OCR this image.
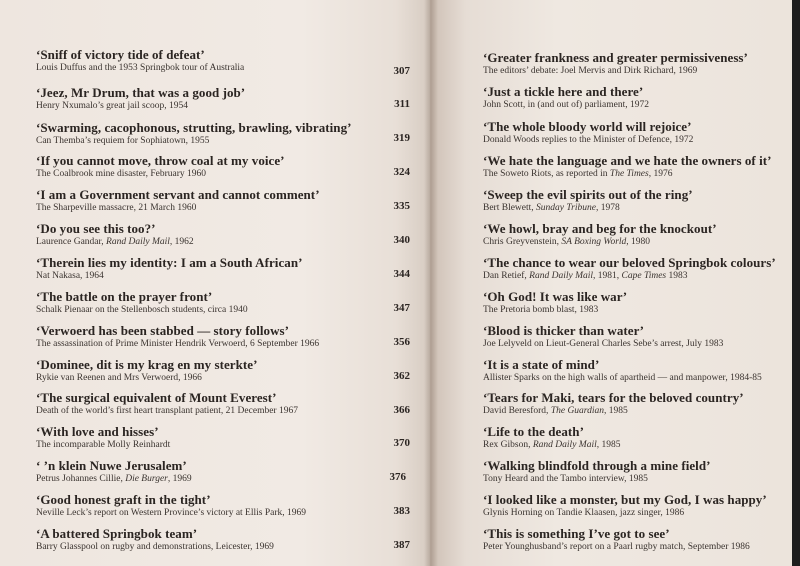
‘Sniff of victory tide of defeat’
Louis Duffus and the 1953 Springbok tour of Australia	307
‘Jeez, Mr Drum, that was a good job’
Henry Nxumalo’s great jail scoop, 1954	311
‘Swarming, cacophonous, strutting, brawling, vibrating’
Can Themba’s requiem for Sophiatown, 1955	319
‘If you cannot move, throw coal at my voice’
The Coalbrook mine disaster, February 1960	324
‘I am a Government servant and cannot comment’
The Sharpeville massacre, 21 March 1960	335
‘Do you see this too?’
Laurence Gandar, Rand Daily Mail, 1962	340
‘Therein lies my identity: I am a South African’
Nat Nakasa, 1964	344
‘The battle on the prayer front’
Schalk Pienaar on the Stellenbosch students, circa 1940	347
‘Verwoerd has been stabbed — story follows’
The assassination of Prime Minister Hendrik Verwoerd, 6 September 1966	356
‘Dominee, dit is my krag en my sterkte’
Rykie van Reenen and Mrs Verwoerd, 1966	362
‘The surgical equivalent of Mount Everest’
Death of the world’s first heart transplant patient, 21 December 1967	366
‘With love and hisses’
The incomparable Molly Reinhardt	370
‘ ’n klein Nuwe Jerusalem’
Petrus Johannes Cillie, Die Burger, 1969	376
‘Good honest graft in the tight’
Neville Leck’s report on Western Province’s victory at Ellis Park, 1969	383
‘A battered Springbok team’
Barry Glasspool on rugby and demonstrations, Leicester, 1969	387
‘Greater frankness and greater permissiveness’
The editors’ debate: Joel Mervis and Dirk Richard, 1969
‘Just a tickle here and there’
John Scott, in (and out of) parliament, 1972
‘The whole bloody world will rejoice’
Donald Woods replies to the Minister of Defence, 1972
‘We hate the language and we hate the owners of it’
The Soweto Riots, as reported in The Times, 1976
‘Sweep the evil spirits out of the ring’
Bert Blewett, Sunday Tribune, 1978
‘We howl, bray and beg for the knockout’
Chris Greyvenstein, SA Boxing World, 1980
‘The chance to wear our beloved Springbok colours’
Dan Retief, Rand Daily Mail, 1981, Cape Times 1983
‘Oh God! It was like war’
The Pretoria bomb blast, 1983
‘Blood is thicker than water’
Joe Lelyveld on Lieut-General Charles Sebe’s arrest, July 1983
‘It is a state of mind’
Allister Sparks on the high walls of apartheid — and manpower, 1984-85
‘Tears for Maki, tears for the beloved country’
David Beresford, The Guardian, 1985
‘Life to the death’
Rex Gibson, Rand Daily Mail, 1985
‘Walking blindfold through a mine field’
Tony Heard and the Tambo interview, 1985
‘I looked like a monster, but my God, I was happy’
Glynis Horning on Tandie Klaasen, jazz singer, 1986
‘This is something I’ve got to see’
Peter Younghusband’s report on a Paarl rugby match, September 1986
